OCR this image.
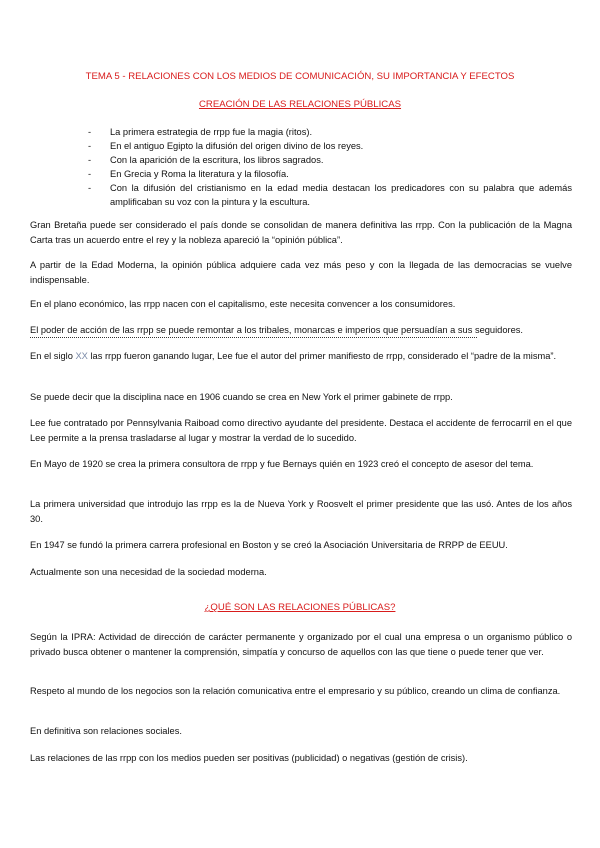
TEMA 5 - RELACIONES CON LOS MEDIOS DE COMUNICACIÓN, SU IMPORTANCIA Y EFECTOS
CREACIÓN DE LAS RELACIONES PÚBLICAS
- La primera estrategia de rrpp fue la magia (ritos).
- En el antiguo Egipto la difusión del origen divino de los reyes.
- Con la aparición de la escritura, los libros sagrados.
- En Grecia y Roma la literatura y la filosofía.
- Con la difusión del cristianismo en la edad media destacan los predicadores con su palabra que además amplificaban su voz con la pintura y la escultura.

Gran Bretaña puede ser considerado el país donde se consolidan de manera definitiva las rrpp. Con la publicación de la Magna Carta tras un acuerdo entre el rey y la nobleza apareció la “opinión pública”.

A partir de la Edad Moderna, la opinión pública adquiere cada vez más peso y con la llegada de las democracias se vuelve indispensable.

En el plano económico, las rrpp nacen con el capitalismo, este necesita convencer a los consumidores.

El poder de acción de las rrpp se puede remontar a los tribales, monarcas e imperios que persuadían a sus seguidores.

En el siglo XX las rrpp fueron ganando lugar, Lee fue el autor del primer manifiesto de rrpp, considerado el “padre de la misma”.

Se puede decir que la disciplina nace en 1906 cuando se crea en New York el primer gabinete de rrpp.

Lee fue contratado por Pennsylvania Raiboad como directivo ayudante del presidente. Destaca el accidente de ferrocarril en el que Lee permite a la prensa trasladarse al lugar y mostrar la verdad de lo sucedido.

En Mayo de 1920 se crea la primera consultora de rrpp y fue Bernays quién en 1923 creó el concepto de asesor del tema.

La primera universidad que introdujo las rrpp es la de Nueva York y Roosvelt el primer presidente que las usó. Antes de los años 30.

En 1947 se fundó la primera carrera profesional en Boston y se creó la Asociación Universitaria de RRPP de EEUU.

Actualmente son una necesidad de la sociedad moderna.

¿QUÉ SON LAS RELACIONES PÚBLICAS?

Según la IPRA: Actividad de dirección de carácter permanente y organizado por el cual una empresa o un organismo público o privado busca obtener o mantener la comprensión, simpatía y concurso de aquellos con las que tiene o puede tener que ver.

Respeto al mundo de los negocios son la relación comunicativa entre el empresario y su público, creando un clima de confianza.

En definitiva son relaciones sociales.

Las relaciones de las rrpp con los medios pueden ser positivas (publicidad) o negativas (gestión de crisis).
